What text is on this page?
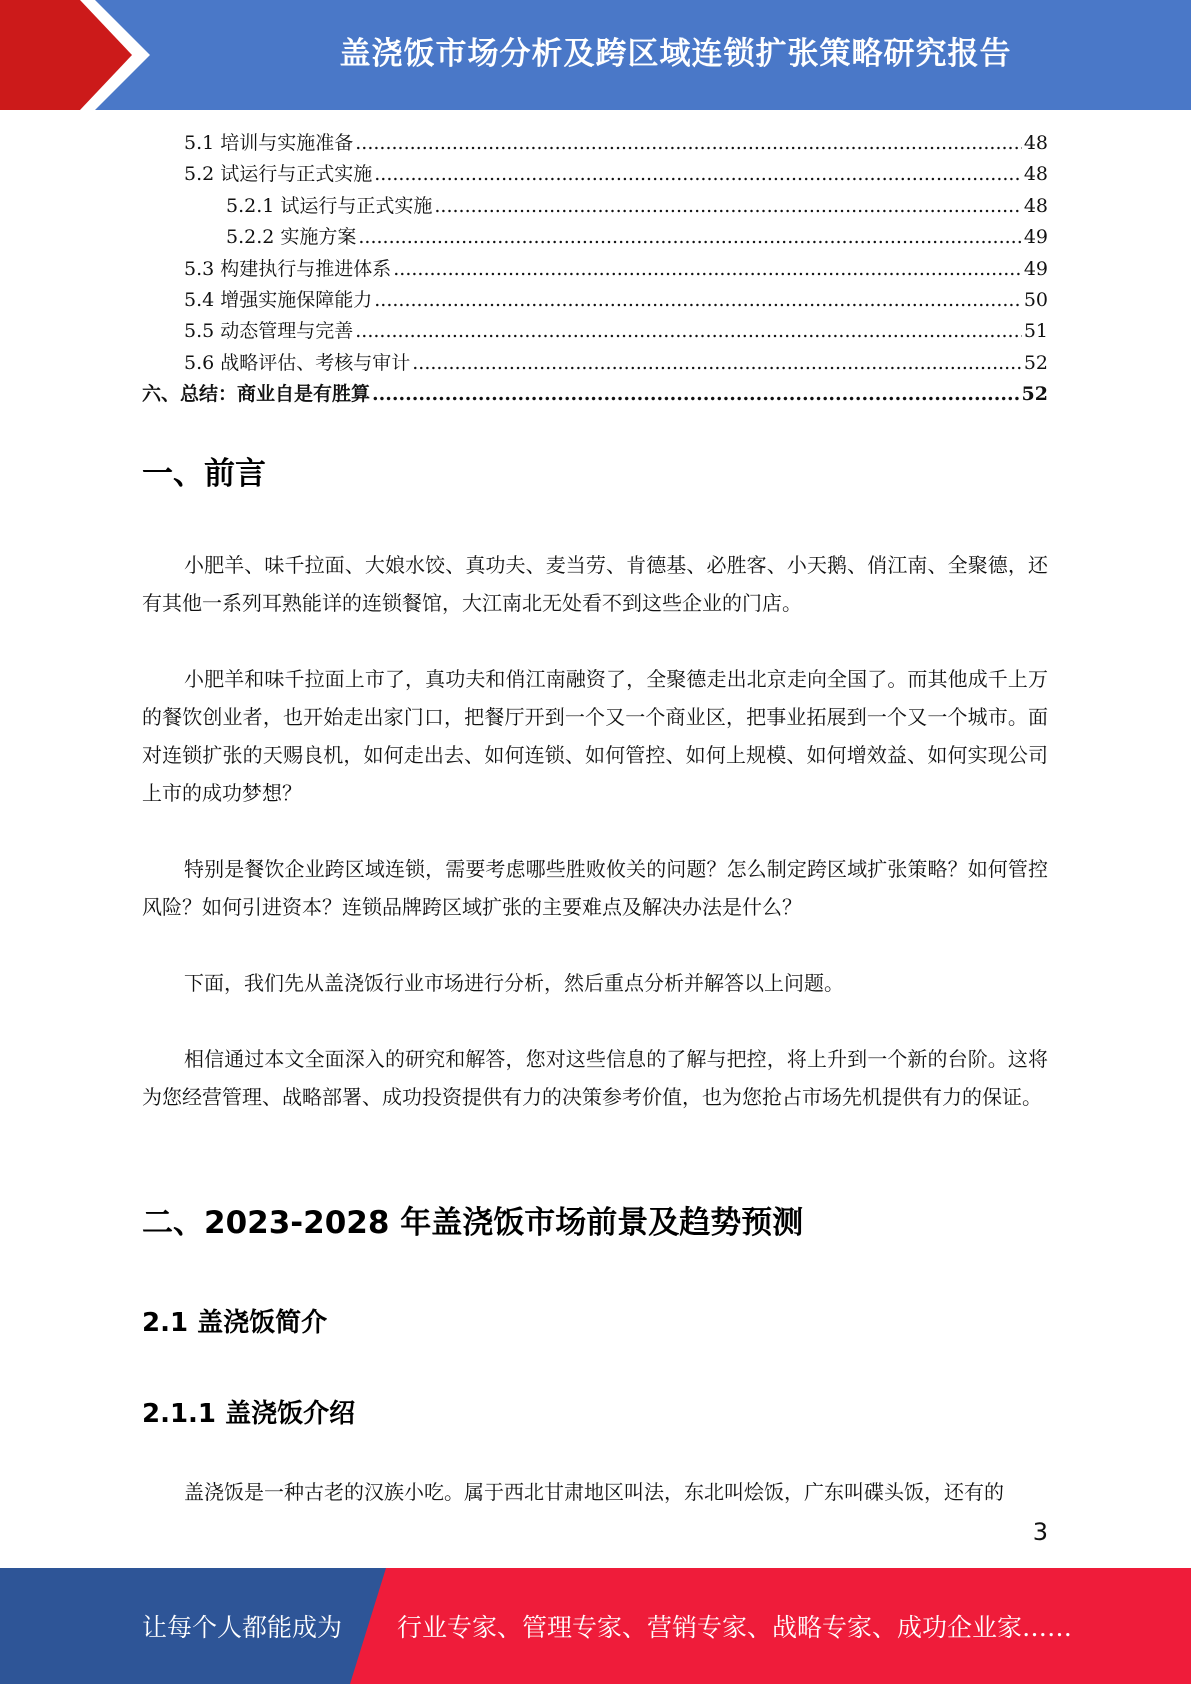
盖浇饭市场分析及跨区域连锁扩张策略研究报告
5.1 培训与实施准备 .....	48
5.2 试运行与正式实施 .....	48
5.2.1 试运行与正式实施 .....	48
5.2.2 实施方案 .....	49
5.3 构建执行与推进体系 .....	49
5.4 增强实施保障能力 .....	50
5.5 动态管理与完善 .....	51
5.6 战略评估、考核与审计 .....	52
六、总结：商业自是有胜算 .....	52
一、前言
小肥羊、味千拉面、大娘水饺、真功夫、麦当劳、肯德基、必胜客、小天鹅、俏江南、全聚德，还有其他一系列耳熟能详的连锁餐馆，大江南北无处看不到这些企业的门店。
小肥羊和味千拉面上市了，真功夫和俏江南融资了，全聚德走出北京走向全国了。而其他成千上万的餐饮创业者，也开始走出家门口，把餐厅开到一个又一个商业区，把事业拓展到一个又一个城市。面对连锁扩张的天赐良机，如何走出去、如何连锁、如何管控、如何上规模、如何增效益、如何实现公司上市的成功梦想？
特别是餐饮企业跨区域连锁，需要考虑哪些胜败攸关的问题？怎么制定跨区域扩张策略？如何管控风险？如何引进资本？连锁品牌跨区域扩张的主要难点及解决办法是什么？
下面，我们先从盖浇饭行业市场进行分析，然后重点分析并解答以上问题。
相信通过本文全面深入的研究和解答，您对这些信息的了解与把控，将上升到一个新的台阶。这将为您经营管理、战略部署、成功投资提供有力的决策参考价值，也为您抢占市场先机提供有力的保证。
二、2023-2028 年盖浇饭市场前景及趋势预测
2.1 盖浇饭简介
2.1.1 盖浇饭介绍
盖浇饭是一种古老的汉族小吃。属于西北甘肃地区叫法，东北叫烩饭，广东叫碟头饭，还有的
3
让每个人都能成为 行业专家、管理专家、营销专家、战略专家、成功企业家……
